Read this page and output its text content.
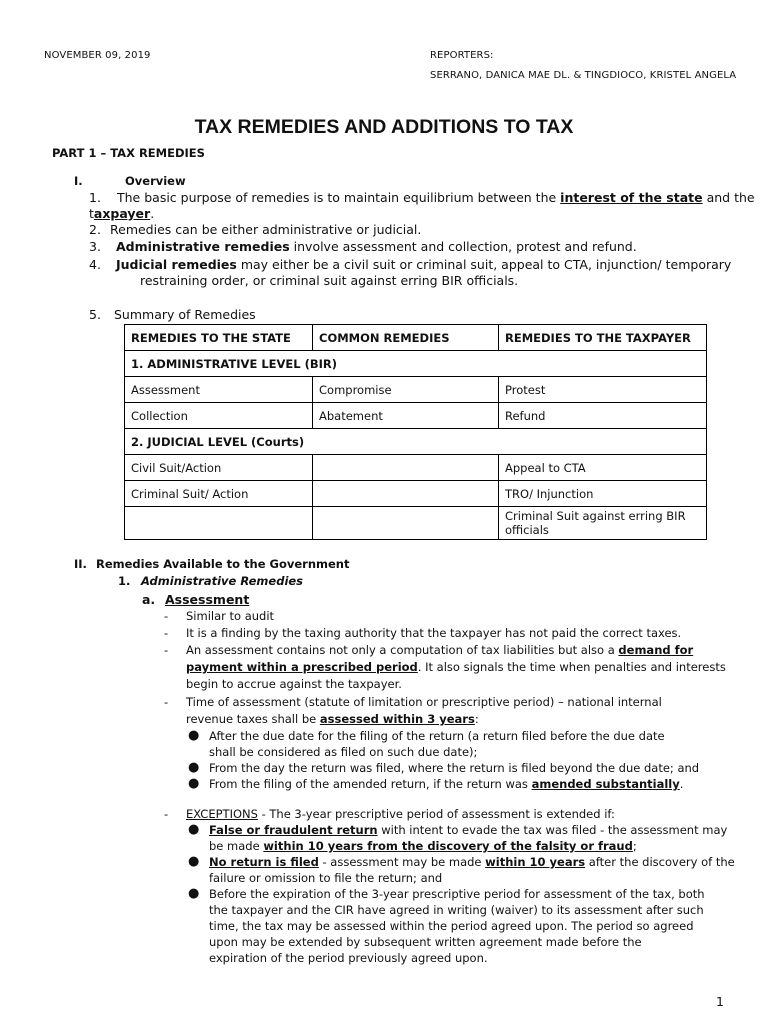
NOVEMBER 09, 2019	REPORTERS:
SERRANO, DANICA MAE DL. & TINGDIOCO, KRISTEL ANGELA
TAX REMEDIES AND ADDITIONS TO TAX
PART 1 – TAX REMEDIES
I.	Overview
1. The basic purpose of remedies is to maintain equilibrium between the interest of the state and the
taxpayer.
2. Remedies can be either administrative or judicial.
3. Administrative remedies involve assessment and collection, protest and refund.
4. Judicial remedies may either be a civil suit or criminal suit, appeal to CTA, injunction/ temporary
restraining order, or criminal suit against erring BIR officials.
5. Summary of Remedies
REMEDIES TO THE STATE	COMMON REMEDIES	REMEDIES TO THE TAXPAYER
1. ADMINISTRATIVE LEVEL (BIR)		
Assessment	Compromise	Protest
Collection	Abatement	Refund
2. JUDICIAL LEVEL (Courts)		
Civil Suit/Action		Appeal to CTA
Criminal Suit/ Action		TRO/ Injunction
		Criminal Suit against erring BIR officials
II. Remedies Available to the Government
1. Administrative Remedies
a. Assessment
- Similar to audit
- It is a finding by the taxing authority that the taxpayer has not paid the correct taxes.
- An assessment contains not only a computation of tax liabilities but also a demand for
payment within a prescribed period. It also signals the time when penalties and interests
begin to accrue against the taxpayer.
- Time of assessment (statute of limitation or prescriptive period) – national internal
revenue taxes shall be assessed within 3 years:
● After the due date for the filing of the return (a return filed before the due date
shall be considered as filed on such due date);
● From the day the return was filed, where the return is filed beyond the due date; and
● From the filing of the amended return, if the return was amended substantially.
- EXCEPTIONS - The 3-year prescriptive period of assessment is extended if:
● False or fraudulent return with intent to evade the tax was filed - the assessment may
be made within 10 years from the discovery of the falsity or fraud;
● No return is filed - assessment may be made within 10 years after the discovery of the
failure or omission to file the return; and
● Before the expiration of the 3-year prescriptive period for assessment of the tax, both
the taxpayer and the CIR have agreed in writing (waiver) to its assessment after such
time, the tax may be assessed within the period agreed upon. The period so agreed
upon may be extended by subsequent written agreement made before the
expiration of the period previously agreed upon.
1
